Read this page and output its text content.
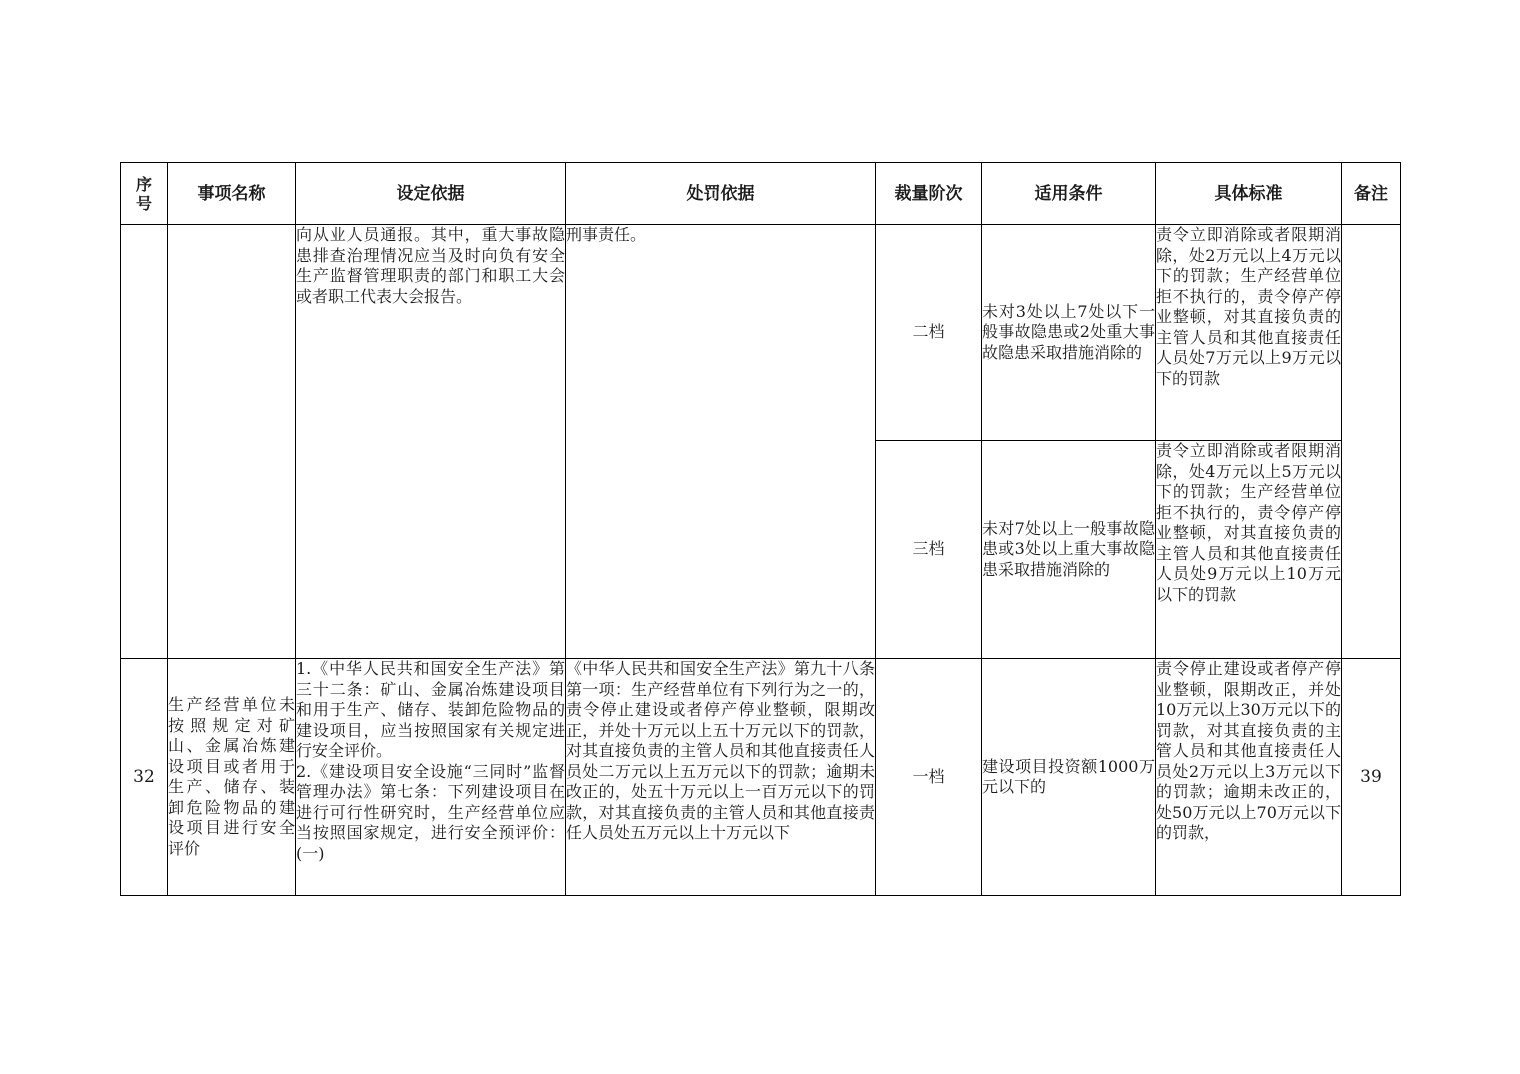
序号	事项名称	设定依据	处罚依据	裁量阶次	适用条件	具体标准	备注
		向从业人员通报。其中，重大事故隐患排查治理情况应当及时向负有安全生产监督管理职责的部门和职工大会或者职工代表大会报告。	刑事责任。	二档	未对3处以上7处以下一般事故隐患或2处重大事故隐患采取措施消除的	责令立即消除或者限期消除，处2万元以上4万元以下的罚款；生产经营单位拒不执行的，责令停产停业整顿，对其直接负责的主管人员和其他直接责任人员处7万元以上9万元以下的罚款	
				三档	未对7处以上一般事故隐患或3处以上重大事故隐患采取措施消除的	责令立即消除或者限期消除，处4万元以上5万元以下的罚款；生产经营单位拒不执行的，责令停产停业整顿，对其直接负责的主管人员和其他直接责任人员处9万元以上10万元以下的罚款	
32	生产经营单位未按照规定对矿山、金属冶炼建设项目或者用于生产、储存、装卸危险物品的建设项目进行安全评价	1.《中华人民共和国安全生产法》第三十二条：矿山、金属冶炼建设项目和用于生产、储存、装卸危险物品的建设项目，应当按照国家有关规定进行安全评价。
2.《建设项目安全设施“三同时”监督管理办法》第七条：下列建设项目在进行可行性研究时，生产经营单位应当按照国家规定，进行安全预评价：(一)	《中华人民共和国安全生产法》第九十八条第一项：生产经营单位有下列行为之一的，责令停止建设或者停产停业整顿，限期改正，并处十万元以上五十万元以下的罚款，对其直接负责的主管人员和其他直接责任人员处二万元以上五万元以下的罚款；逾期未改正的，处五十万元以上一百万元以下的罚款，对其直接负责的主管人员和其他直接责任人员处五万元以上十万元以下	一档	建设项目投资额1000万元以下的	责令停止建设或者停产停业整顿，限期改正，并处10万元以上30万元以下的罚款，对其直接负责的主管人员和其他直接责任人员处2万元以上3万元以下的罚款；逾期未改正的，处50万元以上70万元以下的罚款，	39
